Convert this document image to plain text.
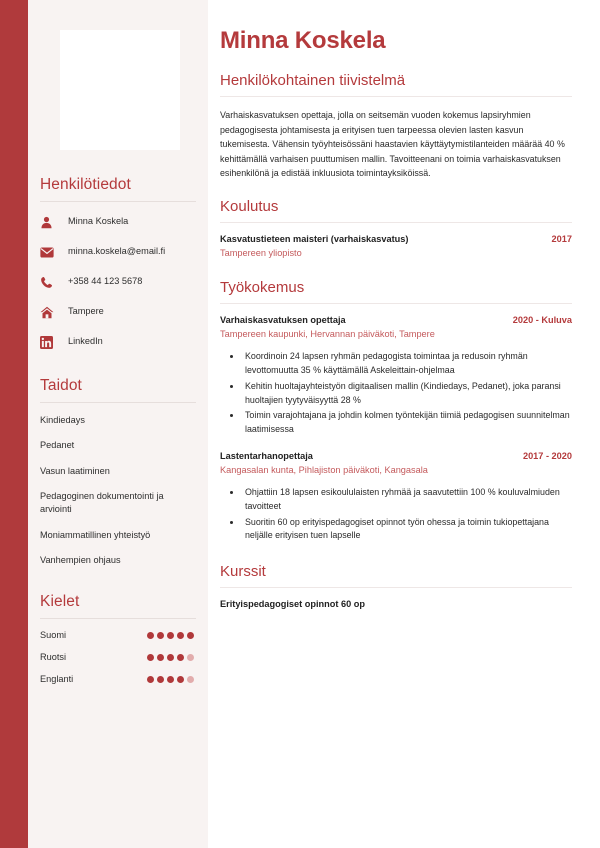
Henkilötiedot
Minna Koskela
minna.koskela@email.fi
+358 44 123 5678
Tampere
LinkedIn
Taidot
Kindiedays
Pedanet
Vasun laatiminen
Pedagoginen dokumentointi ja arviointi
Moniammatillinen yhteistyö
Vanhempien ohjaus
Kielet
Suomi
Ruotsi
Englanti
Minna Koskela
Henkilökohtainen tiivistelmä

Varhaiskasvatuksen opettaja, jolla on seitsemän vuoden kokemus lapsiryhmien pedagogisesta johtamisesta ja erityisen tuen tarpeessa olevien lasten kasvun tukemisesta. Vähensin työyhteisössäni haastavien käyttäytymistilanteiden määrää 40 % kehittämällä varhaisen puuttumisen mallin. Tavoitteenani on toimia varhaiskasvatuksen esihenkilönä ja edistää inkluusiota toimintayksiköissä.

Koulutus
Kasvatustieteen maisteri (varhaiskasvatus)	2017
Tampereen yliopisto
Työkokemus
Varhaiskasvatuksen opettaja	2020 - Kuluva
Tampereen kaupunki, Hervannan päiväkoti, Tampere
• Koordinoin 24 lapsen ryhmän pedagogista toimintaa ja redusoin ryhmän levottomuutta 35 % käyttämällä Askeleittain-ohjelmaa
• Kehitin huoltajayhteistyön digitaalisen mallin (Kindiedays, Pedanet), joka paransi huoltajien tyytyväisyyttä 28 %
• Toimin varajohtajana ja johdin kolmen työntekijän tiimiä pedagogisen suunnitelman laatimisessa
Lastentarhanopettaja	2017 - 2020
Kangasalan kunta, Pihlajiston päiväkoti, Kangasala
• Ohjattiin 18 lapsen esikoululaisten ryhmää ja saavutettiin 100 % kouluvalmiuden tavoitteet
• Suoritin 60 op erityispedagogiset opinnot työn ohessa ja toimin tukiopettajana neljälle erityisen tuen lapselle
Kurssit
Erityispedagogiset opinnot 60 op
